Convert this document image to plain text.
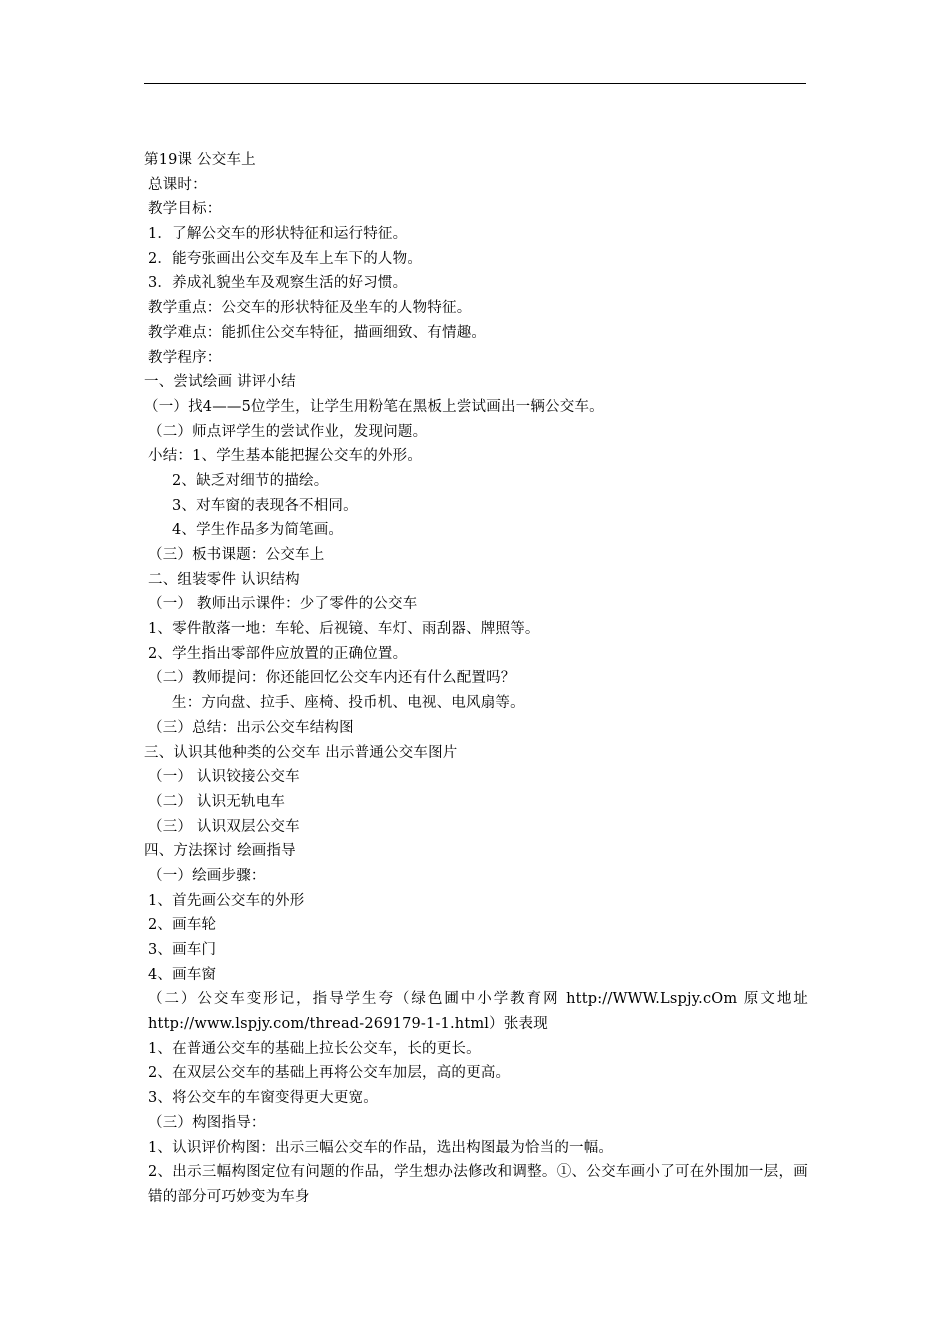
第19课 公交车上
总课时：
教学目标：
1．了解公交车的形状特征和运行特征。
2．能夸张画出公交车及车上车下的人物。
3．养成礼貌坐车及观察生活的好习惯。
教学重点：公交车的形状特征及坐车的人物特征。
教学难点：能抓住公交车特征，描画细致、有情趣。
教学程序：
一、尝试绘画 讲评小结
（一）找4——5位学生，让学生用粉笔在黑板上尝试画出一辆公交车。
（二）师点评学生的尝试作业，发现问题。
小结：1、学生基本能把握公交车的外形。
2、缺乏对细节的描绘。
3、对车窗的表现各不相同。
4、学生作品多为简笔画。
（三）板书课题：公交车上
二、组装零件 认识结构
（一） 教师出示课件：少了零件的公交车
1、零件散落一地：车轮、后视镜、车灯、雨刮器、牌照等。
2、学生指出零部件应放置的正确位置。
（二）教师提问：你还能回忆公交车内还有什么配置吗？
生：方向盘、拉手、座椅、投币机、电视、电风扇等。
（三）总结：出示公交车结构图
三、认识其他种类的公交车 出示普通公交车图片
（一） 认识铰接公交车
（二） 认识无轨电车
（三） 认识双层公交车
四、方法探讨 绘画指导
（一）绘画步骤：
1、首先画公交车的外形
2、画车轮
3、画车门
4、画车窗
（二）公交车变形记，指导学生夸（绿色圃中小学教育网 http://WWW.Lspjy.cOm 原文地址 http://www.lspjy.com/thread-269179-1-1.html）张表现
1、在普通公交车的基础上拉长公交车，长的更长。
2、在双层公交车的基础上再将公交车加层，高的更高。
3、将公交车的车窗变得更大更宽。
（三）构图指导：
1、认识评价构图：出示三幅公交车的作品，选出构图最为恰当的一幅。
2、出示三幅构图定位有问题的作品，学生想办法修改和调整。①、公交车画小了可在外围加一层，画错的部分可巧妙变为车身
